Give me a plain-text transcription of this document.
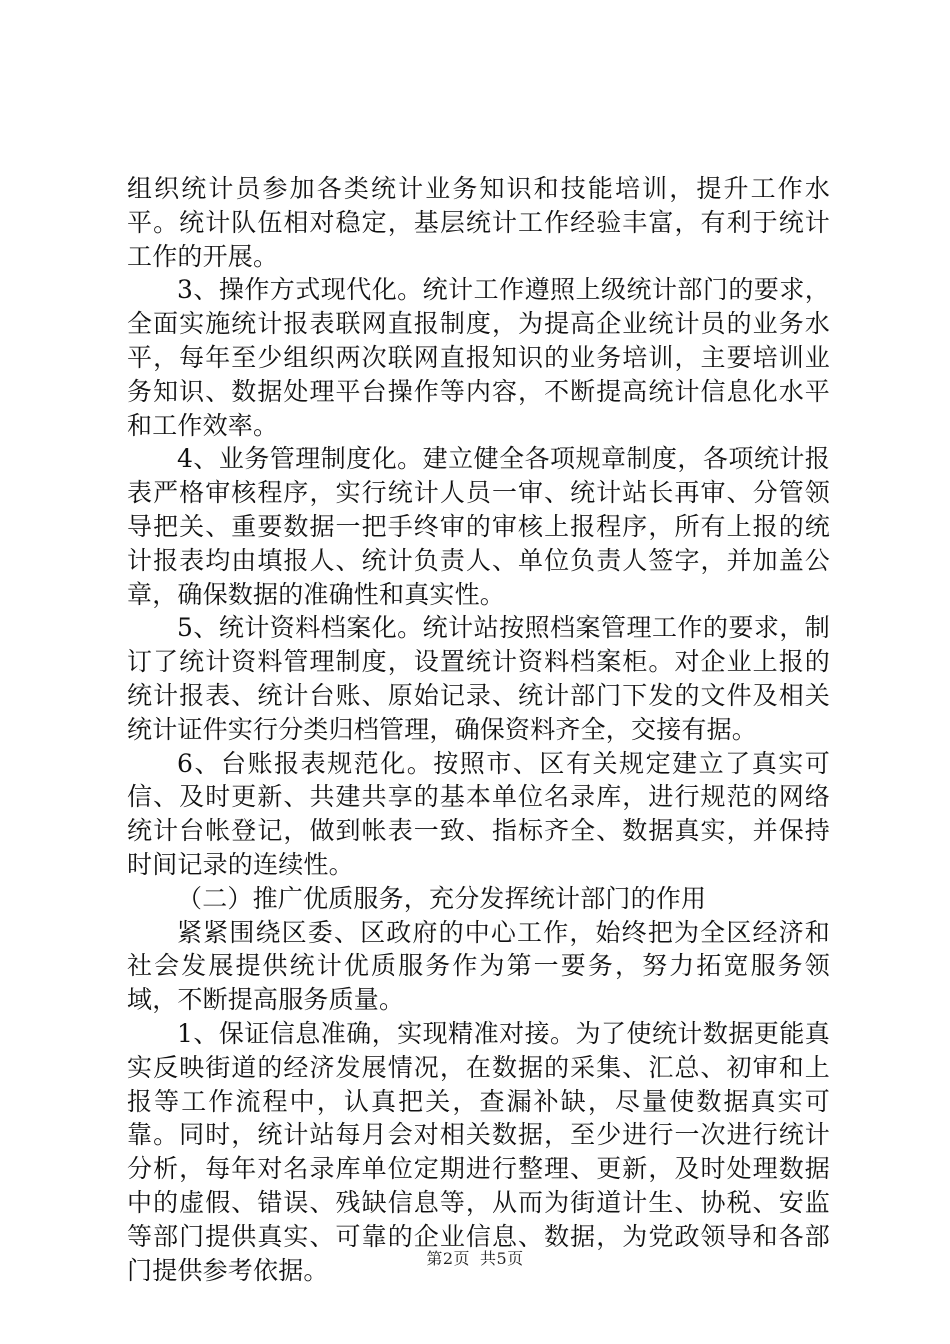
组织统计员参加各类统计业务知识和技能培训，提升工作水平。统计队伍相对稳定，基层统计工作经验丰富，有利于统计工作的开展。

3、操作方式现代化。统计工作遵照上级统计部门的要求，全面实施统计报表联网直报制度，为提高企业统计员的业务水平，每年至少组织两次联网直报知识的业务培训，主要培训业务知识、数据处理平台操作等内容，不断提高统计信息化水平和工作效率。

4、业务管理制度化。建立健全各项规章制度，各项统计报表严格审核程序，实行统计人员一审、统计站长再审、分管领导把关、重要数据一把手终审的审核上报程序，所有上报的统计报表均由填报人、统计负责人、单位负责人签字，并加盖公章，确保数据的准确性和真实性。

5、统计资料档案化。统计站按照档案管理工作的要求，制订了统计资料管理制度，设置统计资料档案柜。对企业上报的统计报表、统计台账、原始记录、统计部门下发的文件及相关统计证件实行分类归档管理，确保资料齐全，交接有据。

6、台账报表规范化。按照市、区有关规定建立了真实可信、及时更新、共建共享的基本单位名录库，进行规范的网络统计台帐登记，做到帐表一致、指标齐全、数据真实，并保持时间记录的连续性。

（二）推广优质服务，充分发挥统计部门的作用

紧紧围绕区委、区政府的中心工作，始终把为全区经济和社会发展提供统计优质服务作为第一要务，努力拓宽服务领域，不断提高服务质量。

1、保证信息准确，实现精准对接。为了使统计数据更能真实反映街道的经济发展情况，在数据的采集、汇总、初审和上报等工作流程中，认真把关，查漏补缺，尽量使数据真实可靠。同时，统计站每月会对相关数据，至少进行一次进行统计分析，每年对名录库单位定期进行整理、更新，及时处理数据中的虚假、错误、残缺信息等，从而为街道计生、协税、安监等部门提供真实、可靠的企业信息、数据，为党政领导和各部门提供参考依据。	第2页 共5页
